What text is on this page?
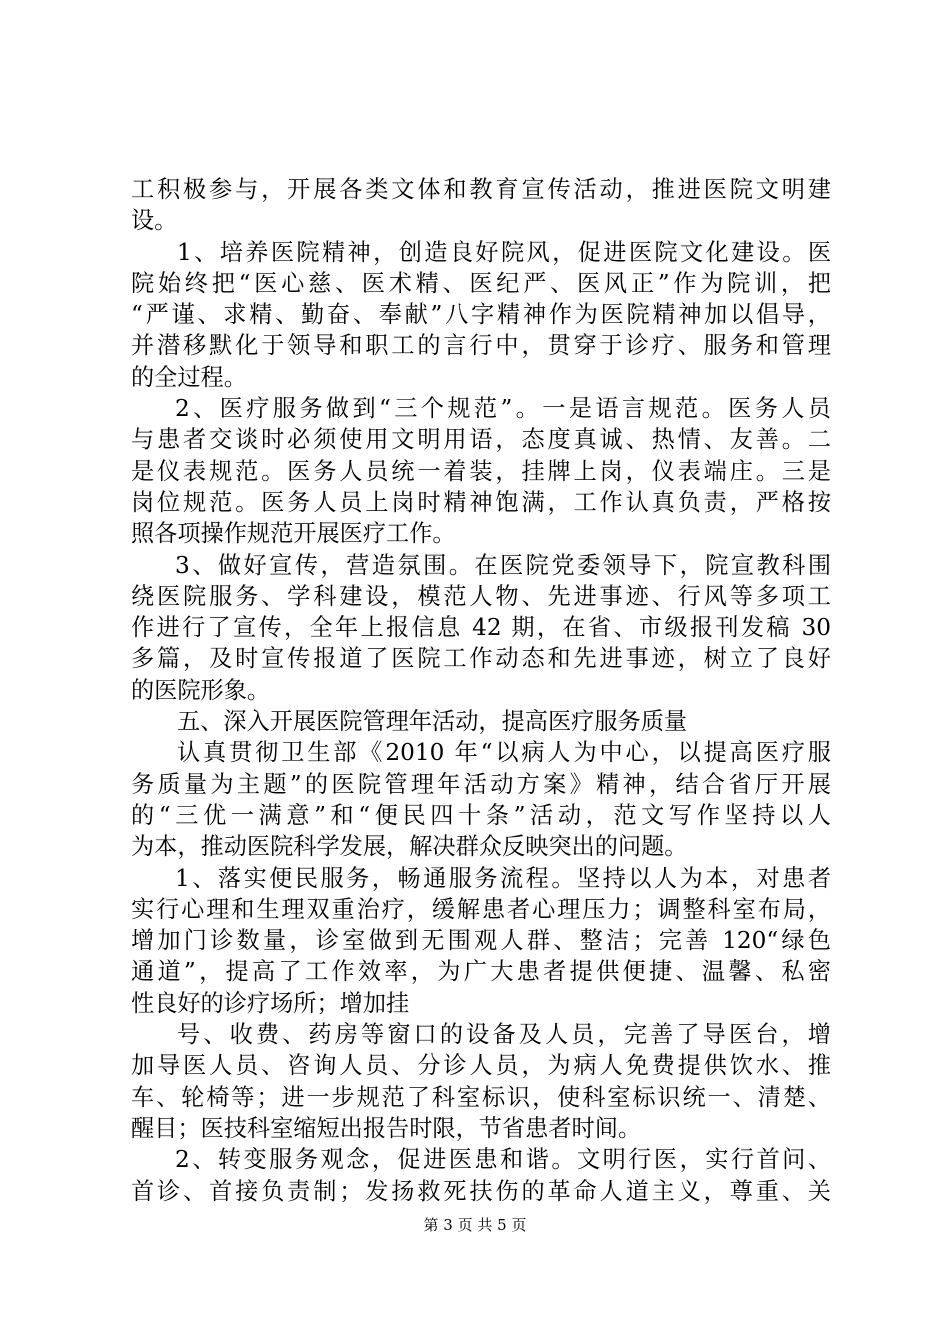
工积极参与，开展各类文体和教育宣传活动，推进医院文明建
设。
1、培养医院精神，创造良好院风，促进医院文化建设。医
院始终把“医心慈、医术精、医纪严、医风正”作为院训，把
“严谨、求精、勤奋、奉献”八字精神作为医院精神加以倡导，
并潜移默化于领导和职工的言行中，贯穿于诊疗、服务和管理
的全过程。
2、医疗服务做到“三个规范”。一是语言规范。医务人员
与患者交谈时必须使用文明用语，态度真诚、热情、友善。二
是仪表规范。医务人员统一着装，挂牌上岗，仪表端庄。三是
岗位规范。医务人员上岗时精神饱满，工作认真负责，严格按
照各项操作规范开展医疗工作。
3、做好宣传，营造氛围。在医院党委领导下，院宣教科围
绕医院服务、学科建设，模范人物、先进事迹、行风等多项工
作进行了宣传，全年上报信息 42 期，在省、市级报刊发稿 30
多篇，及时宣传报道了医院工作动态和先进事迹，树立了良好
的医院形象。
五、深入开展医院管理年活动，提高医疗服务质量
认真贯彻卫生部《2010 年“以病人为中心，以提高医疗服
务质量为主题”的医院管理年活动方案》精神，结合省厅开展
的“三优一满意”和“便民四十条”活动，范文写作坚持以人
为本，推动医院科学发展，解决群众反映突出的问题。
1、落实便民服务，畅通服务流程。坚持以人为本，对患者
实行心理和生理双重治疗，缓解患者心理压力；调整科室布局，
增加门诊数量，诊室做到无围观人群、整洁；完善 120“绿色
通道”，提高了工作效率，为广大患者提供便捷、温馨、私密
性良好的诊疗场所；增加挂
号、收费、药房等窗口的设备及人员，完善了导医台，增
加导医人员、咨询人员、分诊人员，为病人免费提供饮水、推
车、轮椅等；进一步规范了科室标识，使科室标识统一、清楚、
醒目；医技科室缩短出报告时限，节省患者时间。
2、转变服务观念，促进医患和谐。文明行医，实行首问、
首诊、首接负责制；发扬救死扶伤的革命人道主义，尊重、关
第 3 页 共 5 页
